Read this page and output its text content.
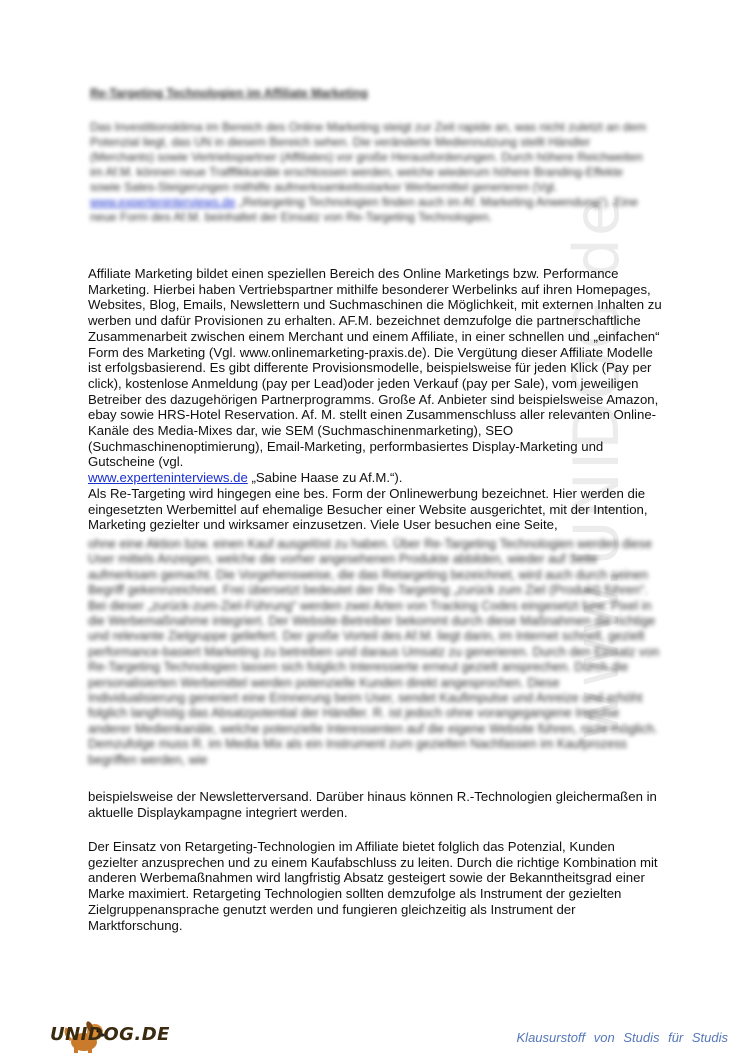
www.UNIDOG.de
Re-Targeting Technologien im Affiliate Marketing
Das Investitionsklima im Bereich des Online Marketing steigt zur Zeit rapide an, was nicht zuletzt an dem Potenzial liegt, das UN in diesem Bereich sehen. Die veränderte Mediennutzung stellt Händler (Merchants) sowie Vertriebspartner (Affiliates) vor große Herausforderungen. Durch höhere Reichweiten im Af.M. können neue Trafffikkanäle erschlossen werden, welche wiederum höhere Branding-Effekte sowie Sales-Steigerungen mithilfe aufmerksamkeitsstarker Werbemittel generieren (Vgl. www.experteninterviews.de „Retargeting Technologien finden auch im Af. Marketing Anwendung“). Eine neue Form des Af.M. beinhaltet der Einsatz von Re-Targeting Technologien.
Affiliate Marketing bildet einen speziellen Bereich des Online Marketings bzw. Performance Marketing. Hierbei haben Vertriebspartner mithilfe besonderer Werbelinks auf ihren Homepages, Websites, Blog, Emails, Newslettern und Suchmaschinen die Möglichkeit, mit externen Inhalten zu werben und dafür Provisionen zu erhalten. AF.M. bezeichnet demzufolge die partnerschaftliche Zusammenarbeit zwischen einem Merchant und einem Affiliate, in einer schnellen und „einfachen“ Form des Marketing (Vgl. www.onlinemarketing-praxis.de). Die Vergütung dieser Affiliate Modelle ist erfolgsbasierend. Es gibt differente Provisionsmodelle, beispielsweise für jeden Klick (Pay per click), kostenlose Anmeldung (pay per Lead)oder jeden Verkauf (pay per Sale), vom jeweiligen Betreiber des dazugehörigen Partnerprogramms. Große Af. Anbieter sind beispielsweise Amazon, ebay sowie HRS-Hotel Reservation. Af. M. stellt einen Zusammenschluss aller relevanten Online-Kanäle des Media-Mixes dar, wie SEM (Suchmaschinenmarketing), SEO (Suchmaschinenoptimierung), Email-Marketing, performbasiertes Display-Marketing und Gutscheine (vgl.
www.experteninterviews.de „Sabine Haase zu Af.M.“).
Als Re-Targeting wird hingegen eine bes. Form der Onlinewerbung bezeichnet. Hier werden die eingesetzten Werbemittel auf ehemalige Besucher einer Website ausgerichtet, mit der Intention, Marketing gezielter und wirksamer einzusetzen. Viele User besuchen eine Seite,
ohne eine Aktion bzw. einen Kauf ausgelöst zu haben. Über Re-Targeting Technologien werden diese User mittels Anzeigen, welche die vorher angesehenen Produkte abbilden, wieder auf Seite aufmerksam gemacht. Die Vorgehensweise, die das Retargeting bezeichnet, wird auch durch seinen Begriff gekennzeichnet. Frei übersetzt bedeutet der Re-Targeting „zurück zum Ziel (Produkt) führen“. Bei dieser „zurück-zum-Ziel-Führung“ werden zwei Arten von Tracking Codes eingesetzt bzw. Pixel in die Werbemaßnahme integriert. Der Website-Betreiber bekommt durch diese Maßnahmen die richtige und relevante Zielgruppe geliefert. Der große Vorteil des Af.M. liegt darin, im Internet schnell, gezielt performance-basiert Marketing zu betreiben und daraus Umsatz zu generieren. Durch den Einsatz von Re-Targeting Technologien lassen sich folglich Interessierte erneut gezielt ansprechen. Durch die personalisierten Werbemittel werden potenzielle Kunden direkt angesprochen. Diese Individualisierung generiert eine Erinnerung beim User, sendet Kaufimpulse und Anreize und erhöht folglich langfristig das Absatzpotential der Händler. R. ist jedoch ohne vorangegangene Impulse anderer Medienkanäle, welche potenzielle Interessenten auf die eigene Website führen, nicht möglich. Demzufolge muss R. im Media Mix als ein Instrument zum gezielten Nachfassen im Kaufprozess begriffen werden, wie
beispielsweise der Newsletterversand. Darüber hinaus können R.-Technologien gleichermaßen in aktuelle Displaykampagne integriert werden.
Der Einsatz von Retargeting-Technologien im Affiliate bietet folglich das Potenzial, Kunden gezielter anzusprechen und zu einem Kaufabschluss zu leiten. Durch die richtige Kombination mit anderen Werbemaßnahmen wird langfristig Absatz gesteigert sowie der Bekanntheitsgrad einer Marke maximiert. Retargeting Technologien sollten demzufolge als Instrument der gezielten Zielgruppenansprache genutzt werden und fungieren gleichzeitig als Instrument der Marktforschung.
UNIDOG.DE	Klausurstoff von Studis für Studis
